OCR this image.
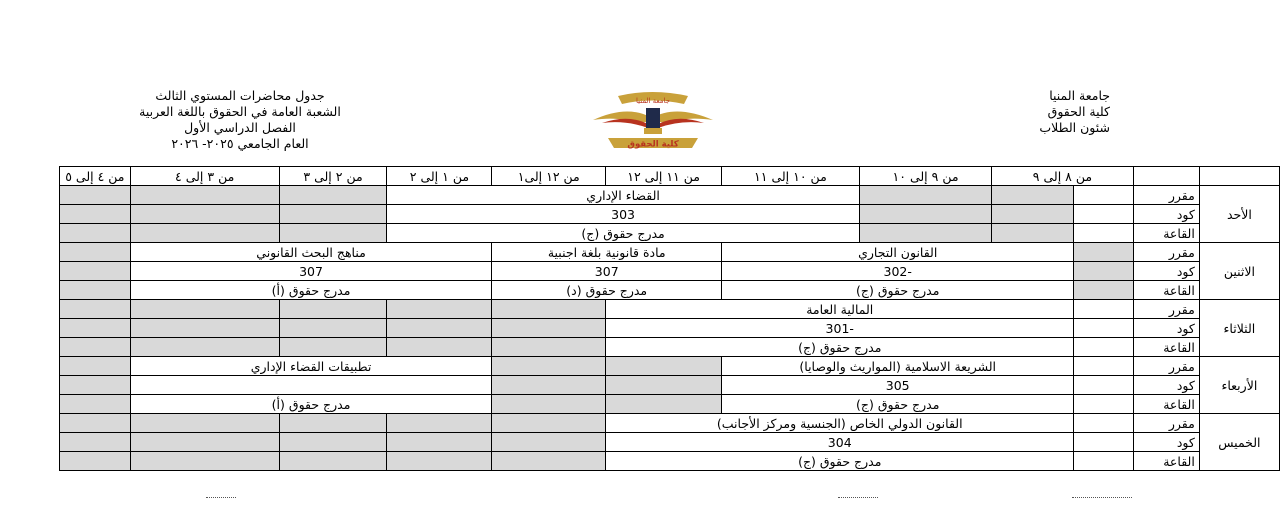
جدول محاضرات المستوي الثالث
الشعبة العامة في الحقوق باللغة العربية
الفصل الدراسي الأول
العام الجامعي ٢٠٢٥- ٢٠٢٦
جامعة المنيا
كلية الحقوق
جامعة المنيا
كلية الحقوق
شئون الطلاب
من ٤ إلى ٥	من ٣ إلى ٤	من ٢ إلى ٣	من ١ إلى ٢	من ١٢ إلى١	من ١١ إلى ١٢	من ١٠ إلى ١١	من ٩ إلى ١٠	من ٨ إلى ٩			
			القضاء الإداري							مقرر	الأحد
			303							كود	
			مدرج حقوق (ج)							القاعة	
	مناهج البحث القانوني			مادة قانونية بلغة اجنبية		القانون التجاري				مقرر	الاثنين
	307			307		302-				كود	
	مدرج حقوق (أ)			مدرج حقوق (د)		مدرج حقوق (ج)				القاعة	
					المالية العامة					مقرر	الثلاثاء
					301-					كود	
					مدرج حقوق (ج)					القاعة	
	تطبيقات القضاء الإداري					الشريعة الاسلامية (المواريث والوصايا)				مقرر	الأربعاء
						305				كود	
	مدرج حقوق (أ)					مدرج حقوق (ج)				القاعة	
					القانون الدولي الخاص (الجنسية ومركز الأجانب)					مقرر	الخميس
					304					كود	
					مدرج حقوق (ج)					القاعة	
